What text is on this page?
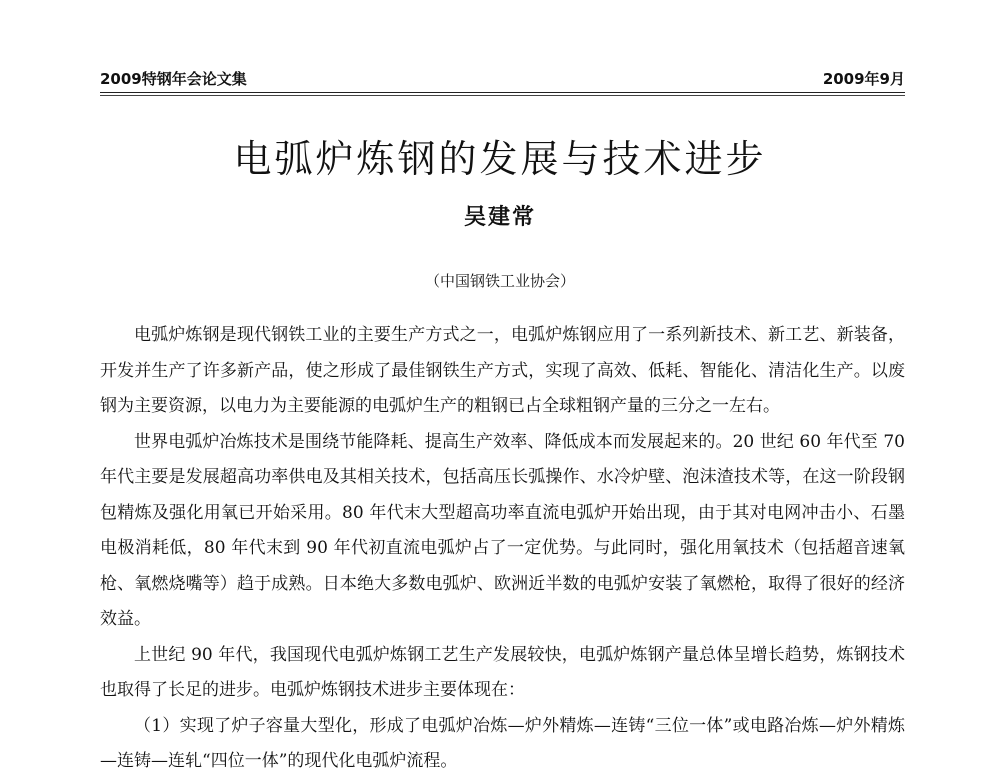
2009特钢年会论文集	2009年9月
电弧炉炼钢的发展与技术进步
吴建常
（中国钢铁工业协会）

电弧炉炼钢是现代钢铁工业的主要生产方式之一，电弧炉炼钢应用了一系列新技术、新工艺、新装备，开发并生产了许多新产品，使之形成了最佳钢铁生产方式，实现了高效、低耗、智能化、清洁化生产。以废钢为主要资源，以电力为主要能源的电弧炉生产的粗钢已占全球粗钢产量的三分之一左右。

世界电弧炉冶炼技术是围绕节能降耗、提高生产效率、降低成本而发展起来的。20 世纪 60 年代至 70 年代主要是发展超高功率供电及其相关技术，包括高压长弧操作、水冷炉壁、泡沫渣技术等，在这一阶段钢包精炼及强化用氧已开始采用。80 年代末大型超高功率直流电弧炉开始出现，由于其对电网冲击小、石墨电极消耗低，80 年代末到 90 年代初直流电弧炉占了一定优势。与此同时，强化用氧技术（包括超音速氧枪、氧燃烧嘴等）趋于成熟。日本绝大多数电弧炉、欧洲近半数的电弧炉安装了氧燃枪，取得了很好的经济效益。

上世纪 90 年代，我国现代电弧炉炼钢工艺生产发展较快，电弧炉炼钢产量总体呈增长趋势，炼钢技术也取得了长足的进步。电弧炉炼钢技术进步主要体现在：

（1）实现了炉子容量大型化，形成了电弧炉冶炼—炉外精炼—连铸“三位一体”或电路冶炼—炉外精炼—连铸—连轧“四位一体”的现代化电弧炉流程。
